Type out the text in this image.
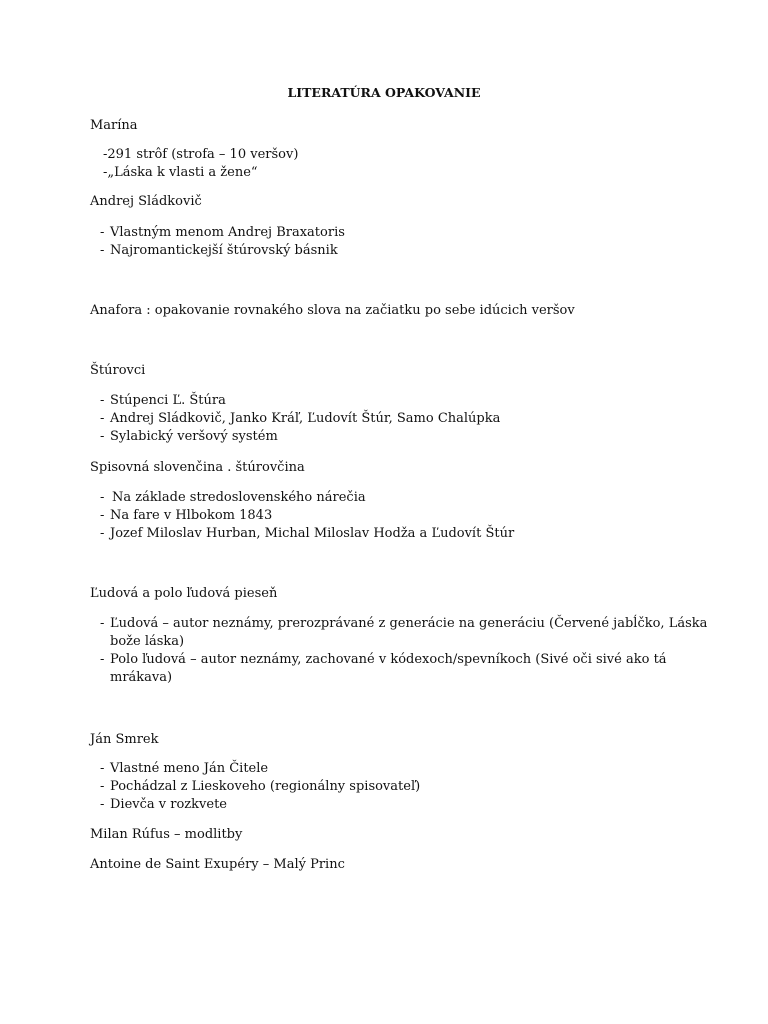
LITERATÚRA OPAKOVANIE
Marína
-291 strôf (strofa – 10 veršov)
-„Láska k vlasti a žene“
Andrej Sládkovič
- Vlastným menom Andrej Braxatoris
- Najromantickejší štúrovský básnik
Anafora : opakovanie rovnakého slova na začiatku po sebe idúcich veršov
Štúrovci
- Stúpenci Ľ. Štúra
- Andrej Sládkovič, Janko Kráľ, Ľudovít Štúr, Samo Chalúpka
- Sylabický veršový systém
Spisovná slovenčina . štúrovčina
- Na základe stredoslovenského nárečia
- Na fare v Hlbokom 1843
- Jozef Miloslav Hurban, Michal Miloslav Hodža a Ľudovít Štúr
Ľudová a polo ľudová pieseň
- Ľudová – autor neznámy, prerozprávané z generácie na generáciu (Červené jabĺčko, Láska
bože láska)
- Polo ľudová – autor neznámy, zachované v kódexoch/spevníkoch (Sivé oči sivé ako tá
mrákava)
Ján Smrek
- Vlastné meno Ján Čitele
- Pochádzal z Lieskoveho (regionálny spisovateľ)
- Dievča v rozkvete
Milan Rúfus – modlitby
Antoine de Saint Exupéry – Malý Princ
